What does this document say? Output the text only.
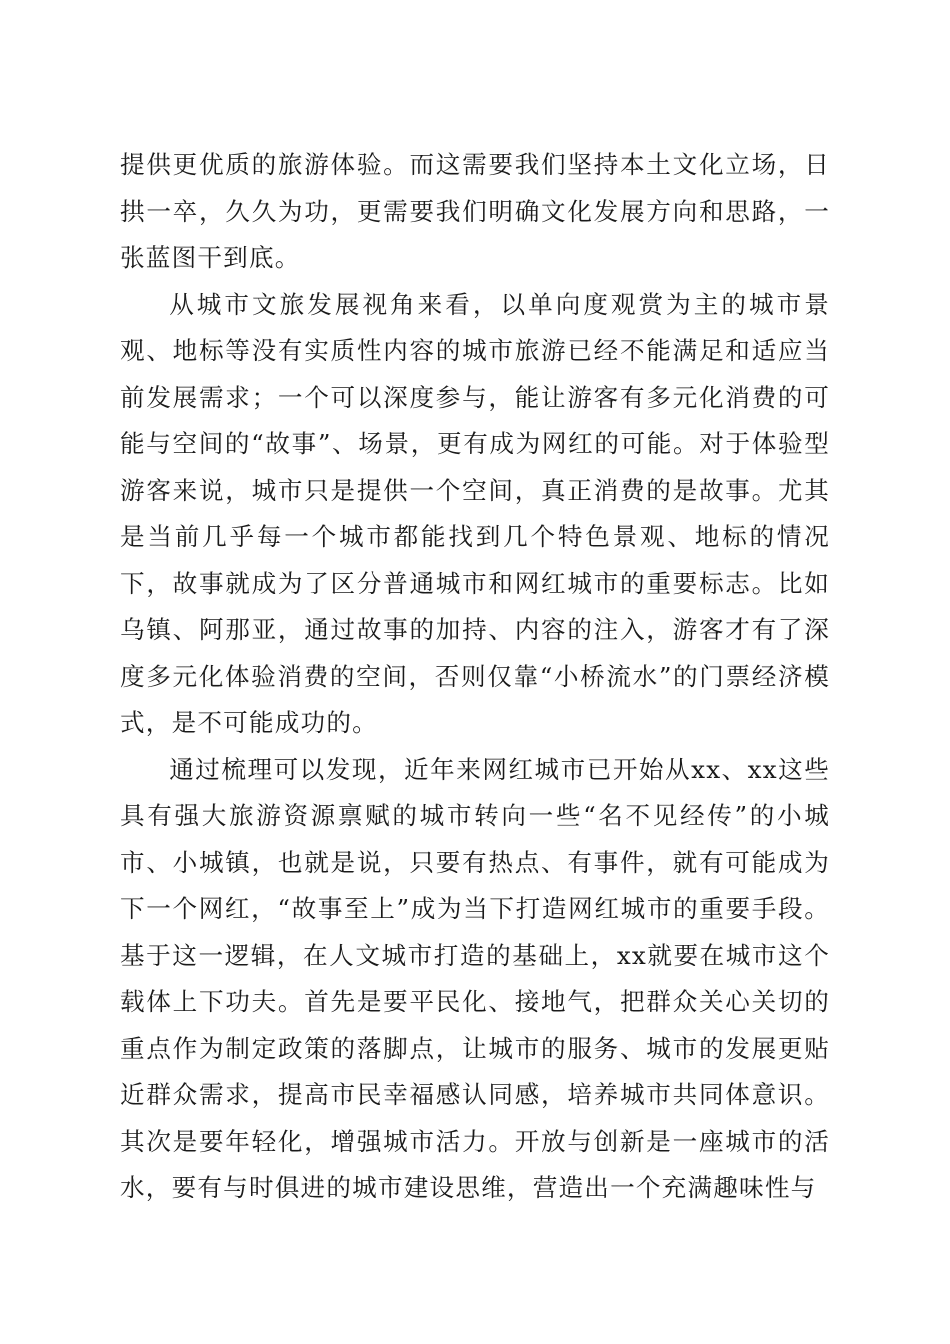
提供更优质的旅游体验。而这需要我们坚持本土文化立场，日拱一卒，久久为功，更需要我们明确文化发展方向和思路，一张蓝图干到底。

从城市文旅发展视角来看，以单向度观赏为主的城市景观、地标等没有实质性内容的城市旅游已经不能满足和适应当前发展需求；一个可以深度参与，能让游客有多元化消费的可能与空间的“故事”、场景，更有成为网红的可能。对于体验型游客来说，城市只是提供一个空间，真正消费的是故事。尤其是当前几乎每一个城市都能找到几个特色景观、地标的情况下，故事就成为了区分普通城市和网红城市的重要标志。比如乌镇、阿那亚，通过故事的加持、内容的注入，游客才有了深度多元化体验消费的空间，否则仅靠“小桥流水”的门票经济模式，是不可能成功的。

通过梳理可以发现，近年来网红城市已开始从xx、xx这些具有强大旅游资源禀赋的城市转向一些“名不见经传”的小城市、小城镇，也就是说，只要有热点、有事件，就有可能成为下一个网红，“故事至上”成为当下打造网红城市的重要手段。基于这一逻辑，在人文城市打造的基础上，xx就要在城市这个载体上下功夫。首先是要平民化、接地气，把群众关心关切的重点作为制定政策的落脚点，让城市的服务、城市的发展更贴近群众需求，提高市民幸福感认同感，培养城市共同体意识。其次是要年轻化，增强城市活力。开放与创新是一座城市的活水，要有与时俱进的城市建设思维，营造出一个充满趣味性与
